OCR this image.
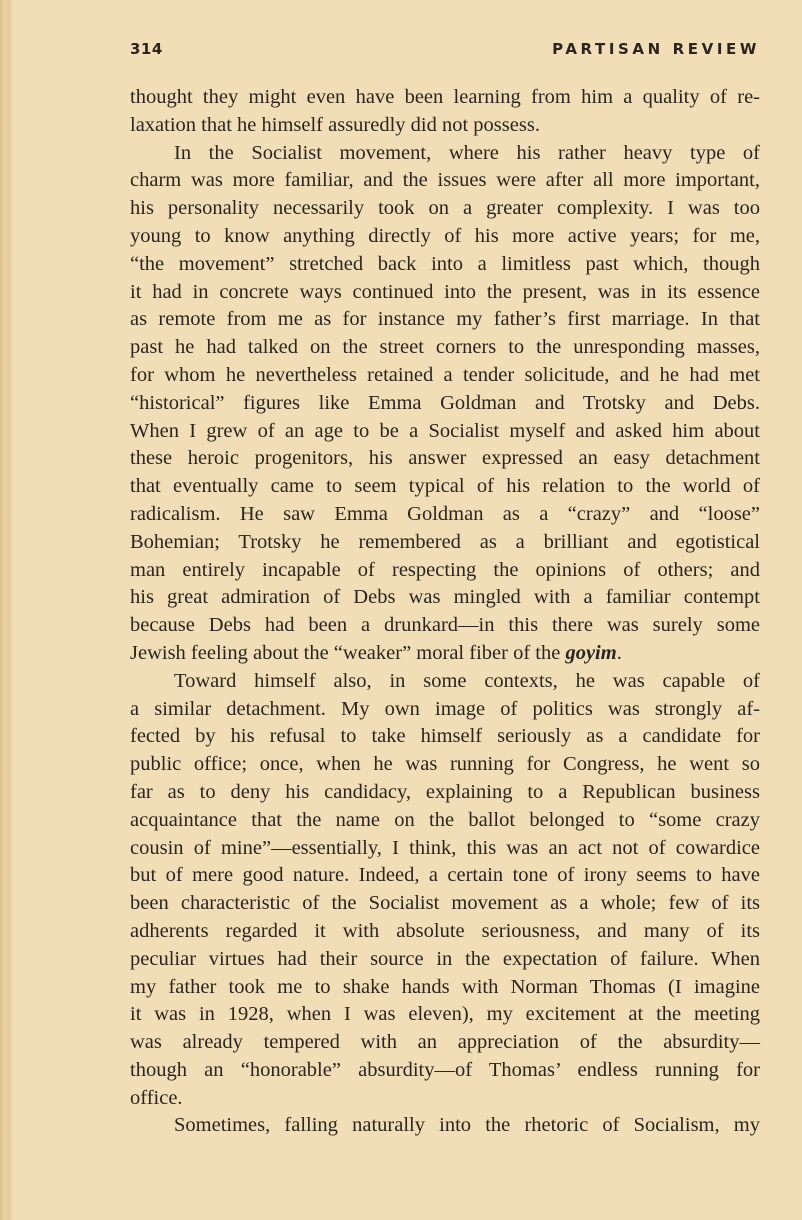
314	PARTISAN REVIEW
thought they might even have been learning from him a quality of re-
laxation that he himself assuredly did not possess.
In the Socialist movement, where his rather heavy type of
charm was more familiar, and the issues were after all more important,
his personality necessarily took on a greater complexity. I was too
young to know anything directly of his more active years; for me,
“the movement” stretched back into a limitless past which, though
it had in concrete ways continued into the present, was in its essence
as remote from me as for instance my father’s first marriage. In that
past he had talked on the street corners to the unresponding masses,
for whom he nevertheless retained a tender solicitude, and he had met
“historical” figures like Emma Goldman and Trotsky and Debs.
When I grew of an age to be a Socialist myself and asked him about
these heroic progenitors, his answer expressed an easy detachment
that eventually came to seem typical of his relation to the world of
radicalism. He saw Emma Goldman as a “crazy” and “loose”
Bohemian; Trotsky he remembered as a brilliant and egotistical
man entirely incapable of respecting the opinions of others; and
his great admiration of Debs was mingled with a familiar contempt
because Debs had been a drunkard—in this there was surely some
Jewish feeling about the “weaker” moral fiber of the goyim.
Toward himself also, in some contexts, he was capable of
a similar detachment. My own image of politics was strongly af-
fected by his refusal to take himself seriously as a candidate for
public office; once, when he was running for Congress, he went so
far as to deny his candidacy, explaining to a Republican business
acquaintance that the name on the ballot belonged to “some crazy
cousin of mine”—essentially, I think, this was an act not of cowardice
but of mere good nature. Indeed, a certain tone of irony seems to have
been characteristic of the Socialist movement as a whole; few of its
adherents regarded it with absolute seriousness, and many of its
peculiar virtues had their source in the expectation of failure. When
my father took me to shake hands with Norman Thomas (I imagine
it was in 1928, when I was eleven), my excitement at the meeting
was already tempered with an appreciation of the absurdity—
though an “honorable” absurdity—of Thomas’ endless running for
office.
Sometimes, falling naturally into the rhetoric of Socialism, my
